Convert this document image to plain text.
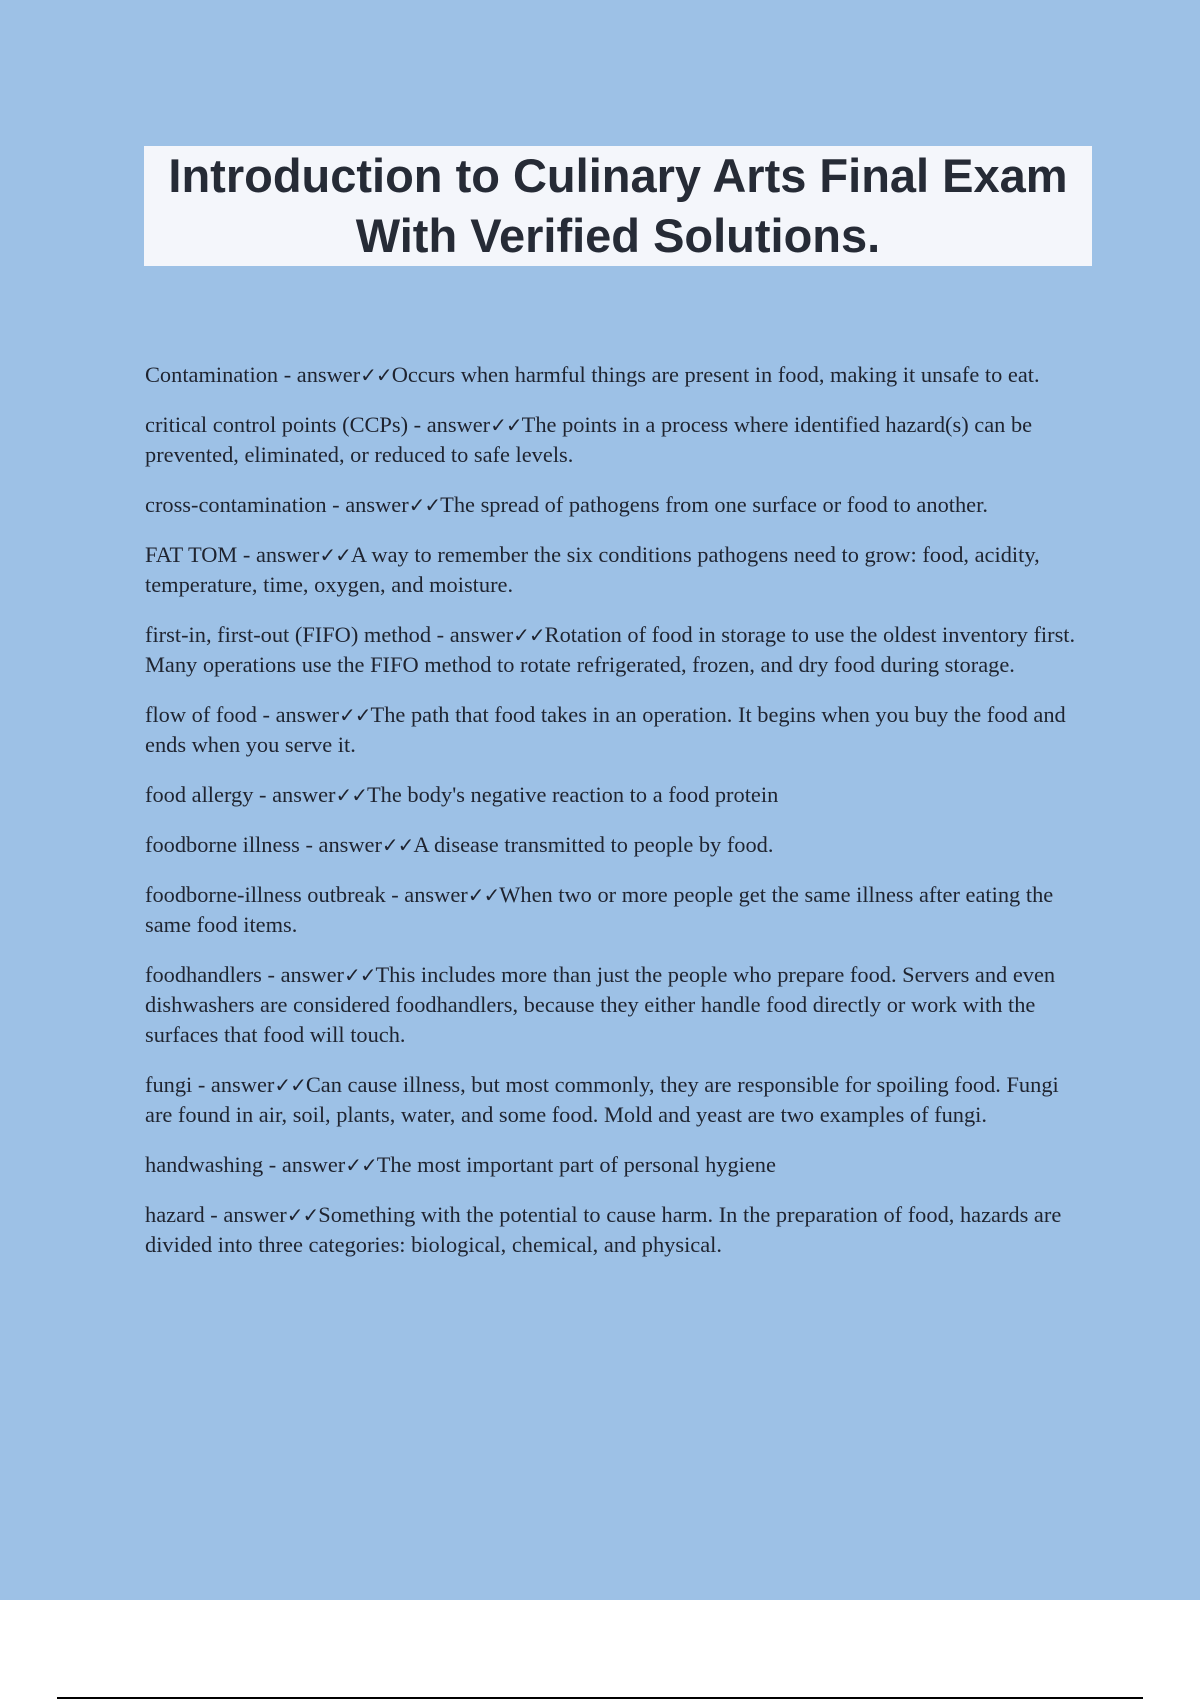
Introduction to Culinary Arts Final Exam
With Verified Solutions.
Contamination - answer✓✓Occurs when harmful things are present in food, making it unsafe to eat.
critical control points (CCPs) - answer✓✓The points in a process where identified hazard(s) can be prevented, eliminated, or reduced to safe levels.
cross-contamination - answer✓✓The spread of pathogens from one surface or food to another.
FAT TOM - answer✓✓A way to remember the six conditions pathogens need to grow: food, acidity, temperature, time, oxygen, and moisture.
first-in, first-out (FIFO) method - answer✓✓Rotation of food in storage to use the oldest inventory first. Many operations use the FIFO method to rotate refrigerated, frozen, and dry food during storage.
flow of food - answer✓✓The path that food takes in an operation. It begins when you buy the food and ends when you serve it.
food allergy - answer✓✓The body's negative reaction to a food protein
foodborne illness - answer✓✓A disease transmitted to people by food.
foodborne-illness outbreak - answer✓✓When two or more people get the same illness after eating the same food items.
foodhandlers - answer✓✓This includes more than just the people who prepare food. Servers and even dishwashers are considered foodhandlers, because they either handle food directly or work with the surfaces that food will touch.
fungi - answer✓✓Can cause illness, but most commonly, they are responsible for spoiling food. Fungi are found in air, soil, plants, water, and some food. Mold and yeast are two examples of fungi.
handwashing - answer✓✓The most important part of personal hygiene
hazard - answer✓✓Something with the potential to cause harm. In the preparation of food, hazards are divided into three categories: biological, chemical, and physical.
